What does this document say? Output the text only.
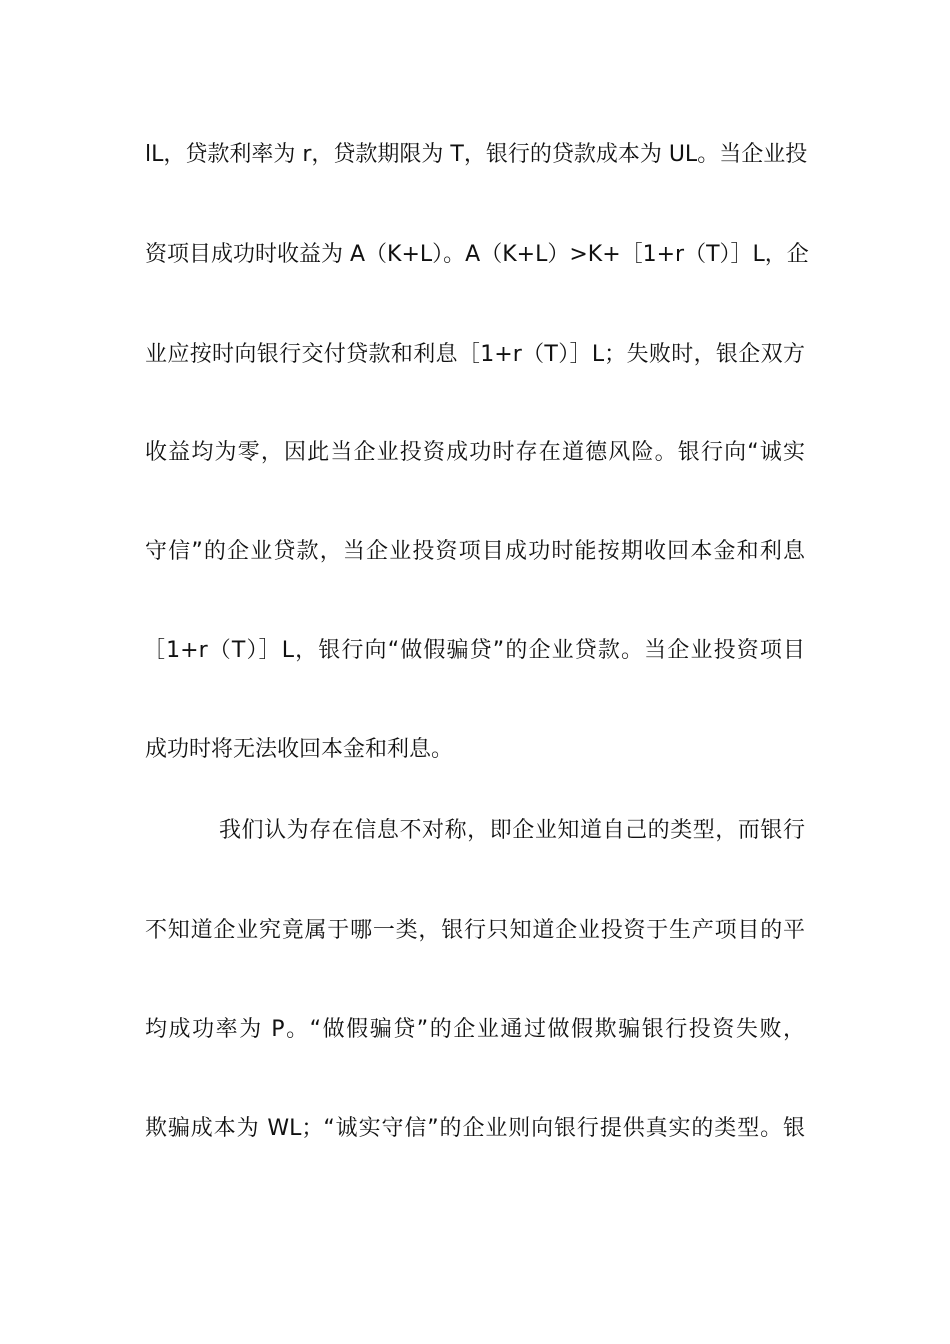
lL，贷款利率为 r，贷款期限为 T，银行的贷款成本为 UL。当企业投
资项目成功时收益为 A（K+L）。A（K+L）>K+［1+r（T）］L，企
业应按时向银行交付贷款和利息［1+r（T）］L；失败时，银企双方
收益均为零，因此当企业投资成功时存在道德风险。银行向“诚实
守信”的企业贷款，当企业投资项目成功时能按期收回本金和利息
［1+r（T）］L，银行向“做假骗贷”的企业贷款。当企业投资项目
成功时将无法收回本金和利息。
我们认为存在信息不对称，即企业知道自己的类型，而银行
不知道企业究竟属于哪一类，银行只知道企业投资于生产项目的平
均成功率为 P。“做假骗贷”的企业通过做假欺骗银行投资失败，
欺骗成本为 WL；“诚实守信”的企业则向银行提供真实的类型。银
